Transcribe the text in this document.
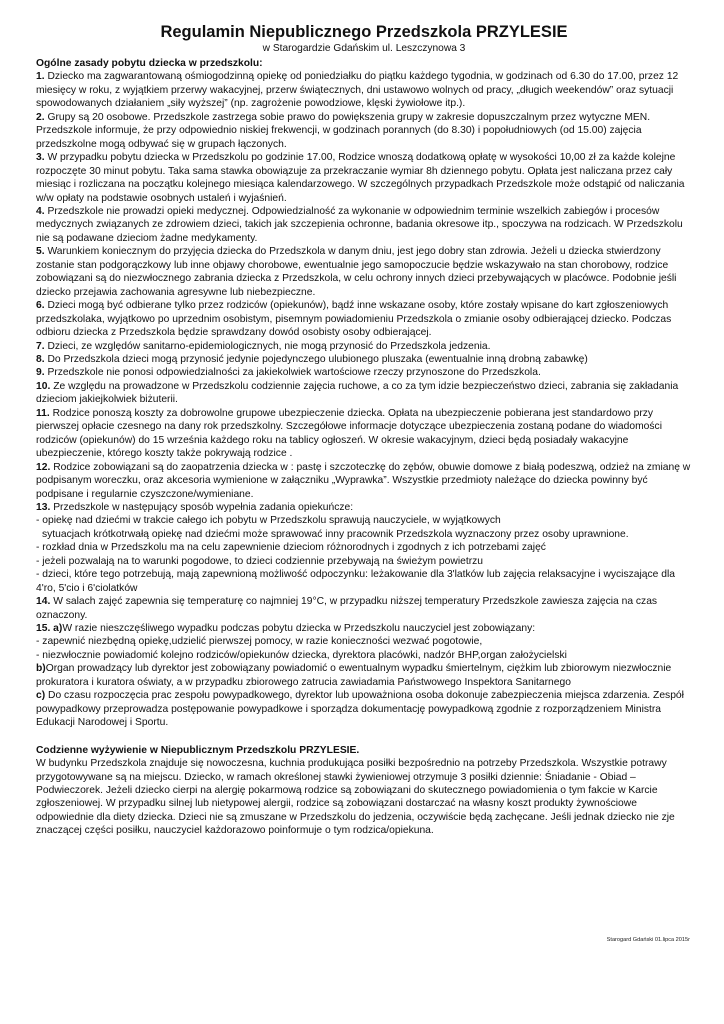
Regulamin Niepublicznego Przedszkola PRZYLESIE

w Starogardzie Gdańskim ul. Leszczynowa 3

Ogólne zasady pobytu dziecka w przedszkolu:

1. Dziecko ma zagwarantowaną ośmiogodzinną opiekę od poniedziałku do piątku każdego tygodnia, w godzinach od 6.30 do 17.00, przez 12 miesięcy w roku, z wyjątkiem przerwy wakacyjnej, przerw świątecznych, dni ustawowo wolnych od pracy, „długich weekendów” oraz sytuacji spowodowanych działaniem „siły wyższej” (np. zagrożenie powodziowe, klęski żywiołowe itp.).

2. Grupy są 20 osobowe. Przedszkole zastrzega sobie prawo do powiększenia grupy w zakresie dopuszczalnym przez wytyczne MEN. Przedszkole informuje, że przy odpowiednio niskiej frekwencji, w godzinach porannych (do 8.30) i popołudniowych (od 15.00) zajęcia przedszkolne mogą odbywać się w grupach łączonych.

3. W przypadku pobytu dziecka w Przedszkolu po godzinie 17.00, Rodzice wnoszą dodatkową opłatę w wysokości 10,00 zł za każde kolejne rozpoczęte 30 minut pobytu. Taka sama stawka obowiązuje za przekraczanie wymiar 8h dziennego pobytu. Opłata jest naliczana przez cały miesiąc i rozliczana na początku kolejnego miesiąca kalendarzowego. W szczególnych przypadkach Przedszkole może odstąpić od naliczania w/w opłaty na podstawie osobnych ustaleń i wyjaśnień.

4. Przedszkole nie prowadzi opieki medycznej. Odpowiedzialność za wykonanie w odpowiednim terminie wszelkich zabiegów i procesów medycznych związanych ze zdrowiem dzieci, takich jak szczepienia ochronne, badania okresowe itp., spoczywa na rodzicach. W Przedszkolu nie są podawane dzieciom żadne medykamenty.

5. Warunkiem koniecznym do przyjęcia dziecka do Przedszkola w danym dniu, jest jego dobry stan zdrowia. Jeżeli u dziecka stwierdzony zostanie stan podgorączkowy lub inne objawy chorobowe, ewentualnie jego samopoczucie będzie wskazywało na stan chorobowy, rodzice zobowiązani są do niezwłocznego zabrania dziecka z Przedszkola, w celu ochrony innych dzieci przebywających w placówce. Podobnie jeśli dziecko przejawia zachowania agresywne lub niebezpieczne.

6. Dzieci mogą być odbierane tylko przez rodziców (opiekunów), bądź inne wskazane osoby, które zostały wpisane do kart zgłoszeniowych przedszkolaka, wyjątkowo po uprzednim osobistym, pisemnym powiadomieniu Przedszkola o zmianie osoby odbierającej dziecko. Podczas odbioru dziecka z Przedszkola będzie sprawdzany dowód osobisty osoby odbierającej.

7. Dzieci, ze względów sanitarno-epidemiologicznych, nie mogą przynosić do Przedszkola jedzenia.

8. Do Przedszkola dzieci mogą przynosić jedynie pojedynczego ulubionego pluszaka (ewentualnie inną drobną zabawkę)

9. Przedszkole nie ponosi odpowiedzialności za jakiekolwiek wartościowe rzeczy przynoszone do Przedszkola.

10. Ze względu na prowadzone w Przedszkolu codziennie zajęcia ruchowe, a co za tym idzie bezpieczeństwo dzieci, zabrania się zakładania dzieciom jakiejkolwiek biżuterii.

11. Rodzice ponoszą koszty za dobrowolne grupowe ubezpieczenie dziecka. Opłata na ubezpieczenie pobierana jest standardowo przy pierwszej opłacie czesnego na dany rok przedszkolny. Szczegółowe informacje dotyczące ubezpieczenia zostaną podane do wiadomości rodziców (opiekunów) do 15 września każdego roku na tablicy ogłoszeń. W okresie wakacyjnym, dzieci będą posiadały wakacyjne ubezpieczenie, którego koszty także pokrywają rodzice .

12. Rodzice zobowiązani są do zaopatrzenia dziecka w : pastę i szczoteczkę do zębów, obuwie domowe z białą podeszwą, odzież na zmianę w podpisanym woreczku, oraz akcesoria wymienione w załączniku „Wyprawka”. Wszystkie przedmioty należące do dziecka powinny być podpisane i regularnie czyszczone/wymieniane.

13. Przedszkole w następujący sposób wypełnia zadania opiekuńcze:

- opiekę nad dziećmi w trakcie całego ich pobytu w Przedszkolu sprawują nauczyciele, w wyjątkowych

sytuacjach krótkotrwałą opiekę nad dziećmi może sprawować inny pracownik Przedszkola wyznaczony przez osoby uprawnione.

- rozkład dnia w Przedszkolu ma na celu zapewnienie dzieciom różnorodnych i zgodnych z ich potrzebami zajęć

- jeżeli pozwalają na to warunki pogodowe, to dzieci codziennie przebywają na świeżym powietrzu

- dzieci, które tego potrzebują, mają zapewnioną możliwość odpoczynku: leżakowanie dla 3'latków lub zajęcia relaksacyjne i wyciszające dla 4'ro, 5'cio i 6'ciolatków

14. W salach zajęć zapewnia się temperaturę co najmniej 19°C, w przypadku niższej temperatury Przedszkole zawiesza zajęcia na czas oznaczony.

15. a)W razie nieszczęśliwego wypadku podczas pobytu dziecka w Przedszkolu nauczyciel jest zobowiązany:

- zapewnić niezbędną opiekę,udzielić pierwszej pomocy, w razie konieczności wezwać pogotowie,

- niezwłocznie powiadomić kolejno rodziców/opiekunów dziecka, dyrektora placówki, nadzór BHP,organ założycielski

b)Organ prowadzący lub dyrektor jest zobowiązany powiadomić o ewentualnym wypadku śmiertelnym, ciężkim lub zbiorowym niezwłocznie prokuratora i kuratora oświaty, a w przypadku zbiorowego zatrucia zawiadamia Państwowego Inspektora Sanitarnego

c) Do czasu rozpoczęcia prac zespołu powypadkowego, dyrektor lub upoważniona osoba dokonuje zabezpieczenia miejsca zdarzenia. Zespół powypadkowy przeprowadza postępowanie powypadkowe i sporządza dokumentację powypadkową zgodnie z rozporządzeniem Ministra Edukacji Narodowej i Sportu.

Codzienne wyżywienie w Niepublicznym Przedszkolu PRZYLESIE.

W budynku Przedszkola znajduje się nowoczesna, kuchnia produkująca posiłki bezpośrednio na potrzeby Przedszkola. Wszystkie potrawy przygotowywane są na miejscu. Dziecko, w ramach określonej stawki żywieniowej otrzymuje 3 posiłki dziennie: Śniadanie - Obiad – Podwieczorek. Jeżeli dziecko cierpi na alergię pokarmową rodzice są zobowiązani do skutecznego powiadomienia o tym fakcie w Karcie zgłoszeniowej. W przypadku silnej lub nietypowej alergii, rodzice są zobowiązani dostarczać na własny koszt produkty żywnościowe odpowiednie dla diety dziecka. Dzieci nie są zmuszane w Przedszkolu do jedzenia, oczywiście będą zachęcane. Jeśli jednak dziecko nie zje znaczącej części posiłku, nauczyciel każdorazowo poinformuje o tym rodzica/opiekuna.

Starogard Gdański 01.lipca 2015r
